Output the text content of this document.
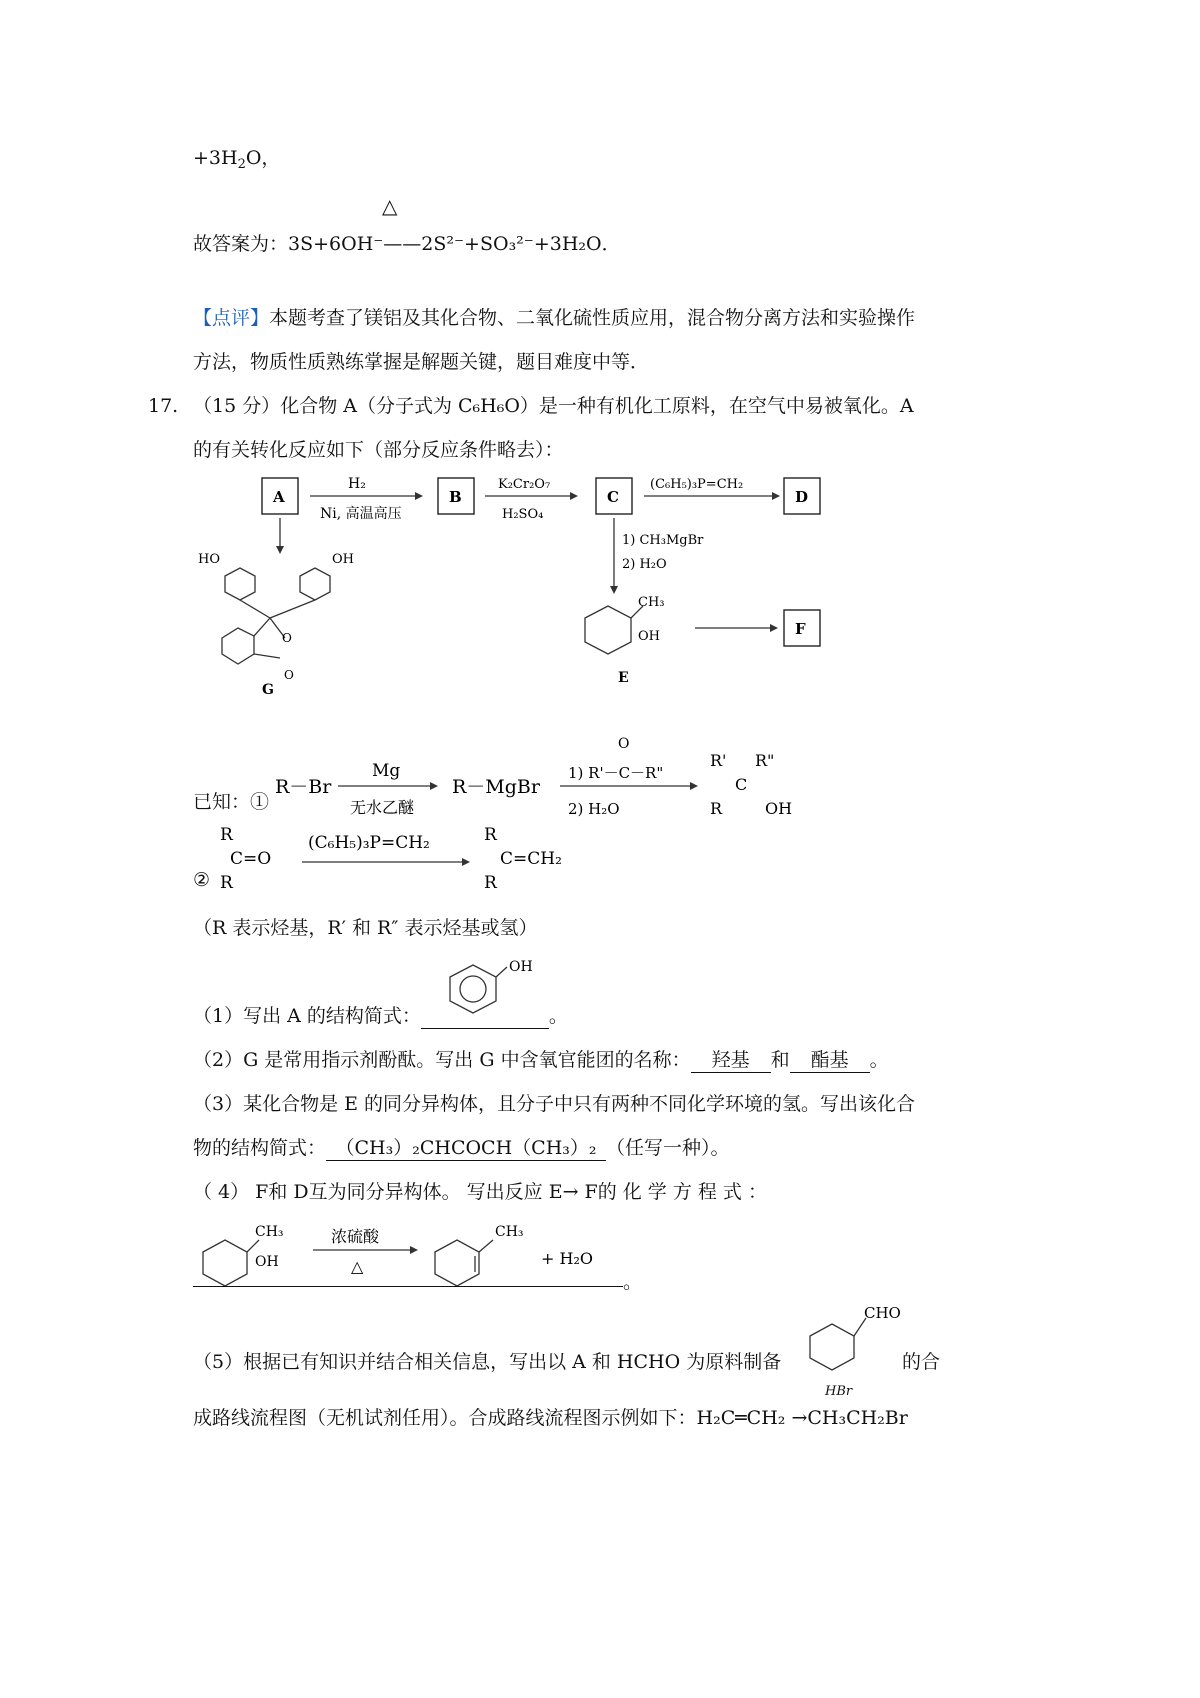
$+3H_2O$，
△
故答案为：3S+6OH⁻——2S²⁻+SO₃²⁻+3H₂O．
【点评】本题考查了镁铝及其化合物、二氧化硫性质应用，混合物分离方法和实验操作
方法，物质性质熟练掌握是解题关键，题目难度中等．
17. （15 分）化合物 A（分子式为 C₆H₆O）是一种有机化工原料，在空气中易被氧化。A
的有关转化反应如下（部分反应条件略去）：
A
H₂
Ni, 高温高压
B
K₂Cr₂O₇
H₂SO₄
C
(C₆H₅)₃P=CH₂
D
1) CH₃MgBr
2) H₂O
O
O
HO	OH
G
CH₃
OH
E
F
R－Br
Mg
无水乙醚
R－MgBr
O
1) R'－C－R"
2) H₂O
R' R"
C
R	OH
已知：①
R
C=O
R
(C₆H₅)₃P=CH₂	R
C=CH₂
R
②
（R 表示烃基，R′ 和 R″ 表示烃基或氢）
（1）写出 A 的结构简式：	。
OH
（2）G 是常用指示剂酚酞。写出 G 中含氧官能团的名称： 羟基 和 酯基 。
（3）某化合物是 E 的同分异构体，且分子中只有两种不同化学环境的氢。写出该化合
物的结构简式： （CH₃）₂CHCOCH（CH₃）₂ （任写一种）。
（ 4） F和 D互为同分异构体。 写出反应 E→ F的 化 学 方 程 式 ：
CH₃
OH
浓硫酸
△
CH₃
+ H₂O
。
（5）根据已有知识并结合相关信息，写出以 A 和 HCHO 为原料制备
CHO
的合
成路线流程图（无机试剂任用）。合成路线流程图示例如下：H₂C═CH₂ →CH₃CH₂Br
HBr
